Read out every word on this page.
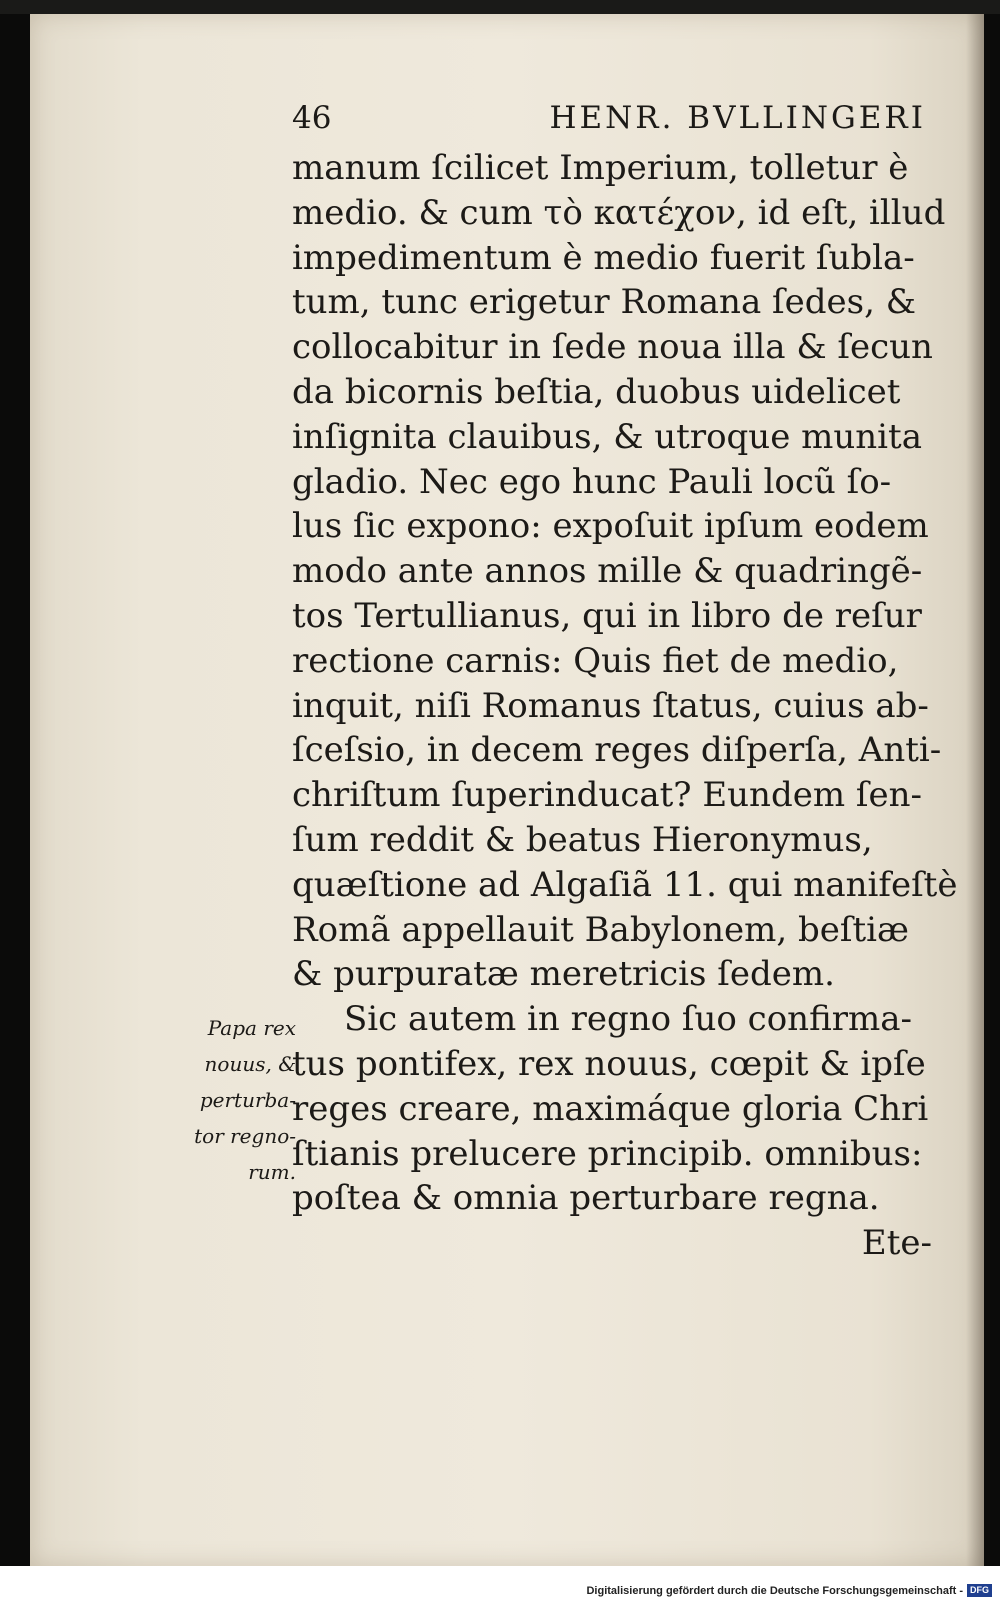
46	HENR. BVLLINGERI
manum ſcilicet Imperium, tolletur è
medio. & cum τὸ κατέχον, id eſt, illud
impedimentum è medio fuerit ſubla-
tum, tunc erigetur Romana ſedes, &
collocabitur in ſede noua illa & ſecun
da bicornis beſtia, duobus uidelicet
inſignita clauibus, & utroque munita
gladio. Nec ego hunc Pauli locũ ſo-
lus ſic expono: expoſuit ipſum eodem
modo ante annos mille & quadringẽ-
tos Tertullianus, qui in libro de reſur
rectione carnis: Quis fiet de medio,
inquit, niſi Romanus ſtatus, cuius ab-
ſceſsio, in decem reges diſperſa, Anti-
chriſtum ſuperinducat? Eundem ſen-
ſum reddit & beatus Hieronymus,
quæſtione ad Algaſiã 11. qui manifeſtè
Romã appellauit Babylonem, beſtiæ
& purpuratæ meretricis ſedem.
Sic autem in regno ſuo confirma-
tus pontifex, rex nouus, cœpit & ipſe
reges creare, maximáque gloria Chri
ſtianis prelucere principib. omnibus:
poſtea & omnia perturbare regna.
Ete-
Papa rex
nouus, &
perturba-
tor regno-
rum.
Digitalisierung gefördert durch die Deutsche Forschungsgemeinschaft - DFG
